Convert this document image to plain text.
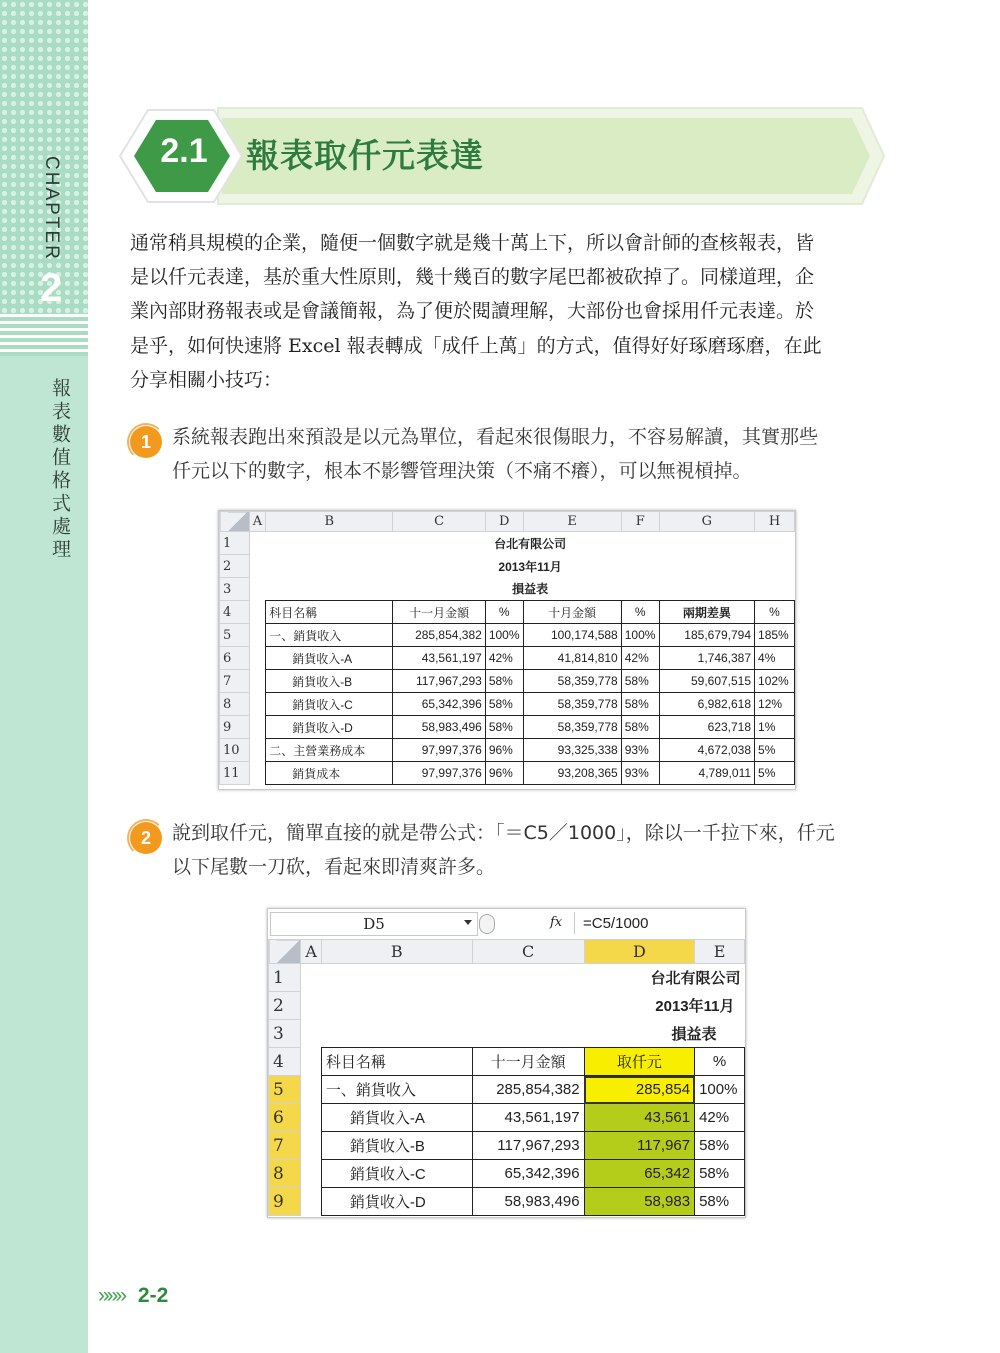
CHAPTER
2
報表數值格式處理
2.1	報表取仟元表達

通常稍具規模的企業，隨便一個數字就是幾十萬上下，所以會計師的查核報表，皆

是以仟元表達，基於重大性原則，幾十幾百的數字尾巴都被砍掉了。同樣道理，企

業內部財務報表或是會議簡報，為了便於閱讀理解，大部份也會採用仟元表達。於

是乎，如何快速將 Excel 報表轉成「成仟上萬」的方式，值得好好琢磨琢磨，在此

分享相關小技巧：

1	系統報表跑出來預設是以元為單位，看起來很傷眼力，不容易解讀，其實那些

仟元以下的數字，根本不影響管理決策（不痛不癢），可以無視槓掉。

	A	B	C	D	E	F	G	H
1		台北有限公司						
2		2013年11月						
3		損益表						
4		科目名稱	十一月金額	%	十月金額	%	兩期差異	%
5		一、銷貨收入	285,854,382	100%	100,174,588	100%	185,679,794	185%
6		銷貨收入-A	43,561,197	42%	41,814,810	42%	1,746,387	4%
7		銷貨收入-B	117,967,293	58%	58,359,778	58%	59,607,515	102%
8		銷貨收入-C	65,342,396	58%	58,359,778	58%	6,982,618	12%
9		銷貨收入-D	58,983,496	58%	58,359,778	58%	623,718	1%
10		二、主營業務成本	97,997,376	96%	93,325,338	93%	4,672,038	5%
11		銷貨成本	97,997,376	96%	93,208,365	93%	4,789,011	5%
2	說到取仟元，簡單直接的就是帶公式：「＝C5／1000」，除以一千拉下來，仟元

以下尾數一刀砍，看起來即清爽許多。

D5	fx	=C5/1000
	A	B	C	D	E
1		台北有限公司			
2		2013年11月			
3		損益表			
4		科目名稱	十一月金額	取仟元	%
5		一、銷貨收入	285,854,382	285,854	100%
6		銷貨收入-A	43,561,197	43,561	42%
7		銷貨收入-B	117,967,293	117,967	58%
8		銷貨收入-C	65,342,396	65,342	58%
9		銷貨收入-D	58,983,496	58,983	58%
»»» 2-2
